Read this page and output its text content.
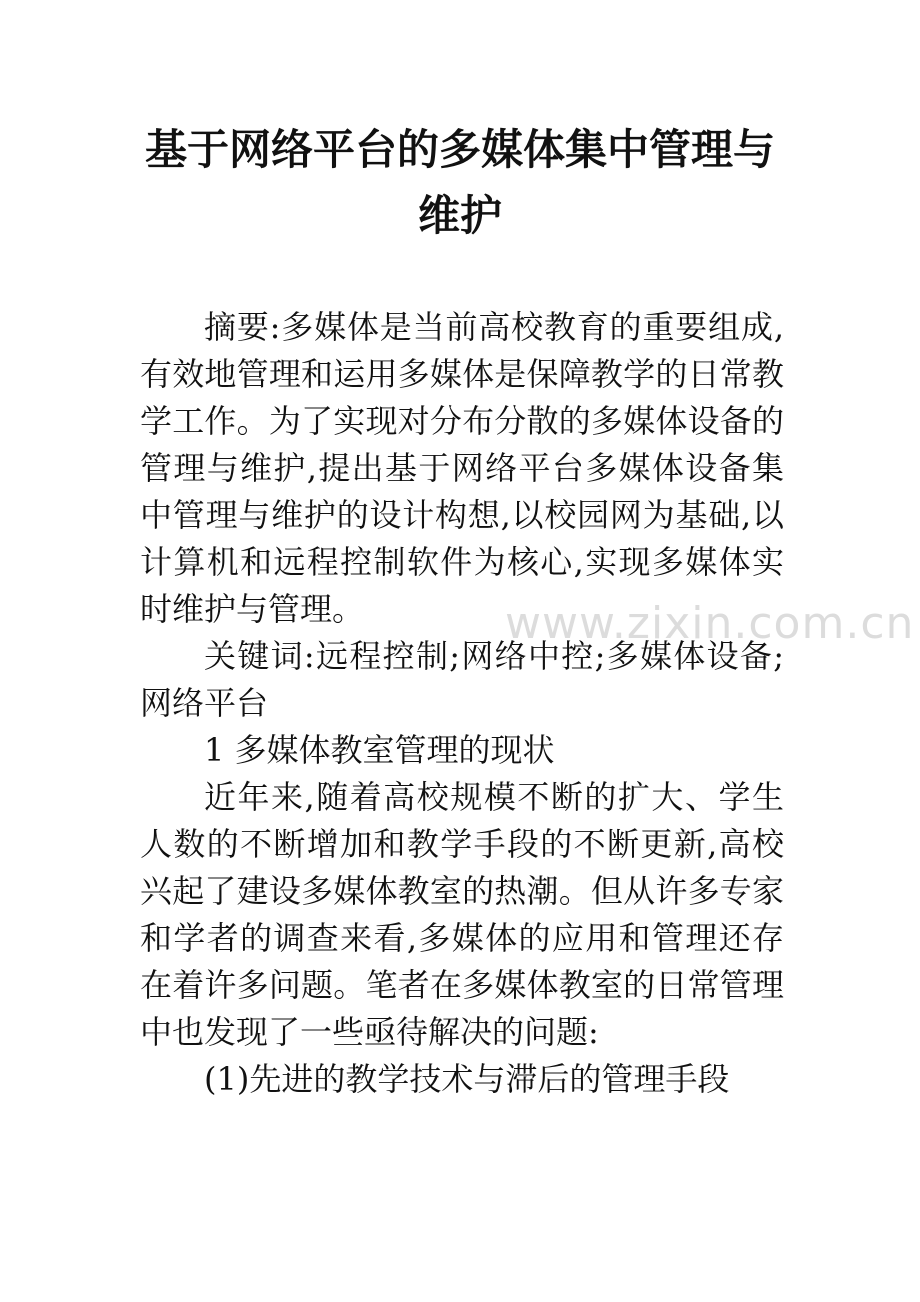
基于网络平台的多媒体集中管理与维护

摘要:多媒体是当前高校教育的重要组成,有效地管理和运用多媒体是保障教学的日常教学工作。为了实现对分布分散的多媒体设备的管理与维护,提出基于网络平台多媒体设备集中管理与维护的设计构想,以校园网为基础,以计算机和远程控制软件为核心,实现多媒体实时维护与管理。

关键词:远程控制;网络中控;多媒体设备;网络平台

1 多媒体教室管理的现状

近年来,随着高校规模不断的扩大、学生人数的不断增加和教学手段的不断更新,高校兴起了建设多媒体教室的热潮。但从许多专家和学者的调查来看,多媒体的应用和管理还存在着许多问题。笔者在多媒体教室的日常管理中也发现了一些亟待解决的问题:

(1)先进的教学技术与滞后的管理手段

www.zixin.com.cn
